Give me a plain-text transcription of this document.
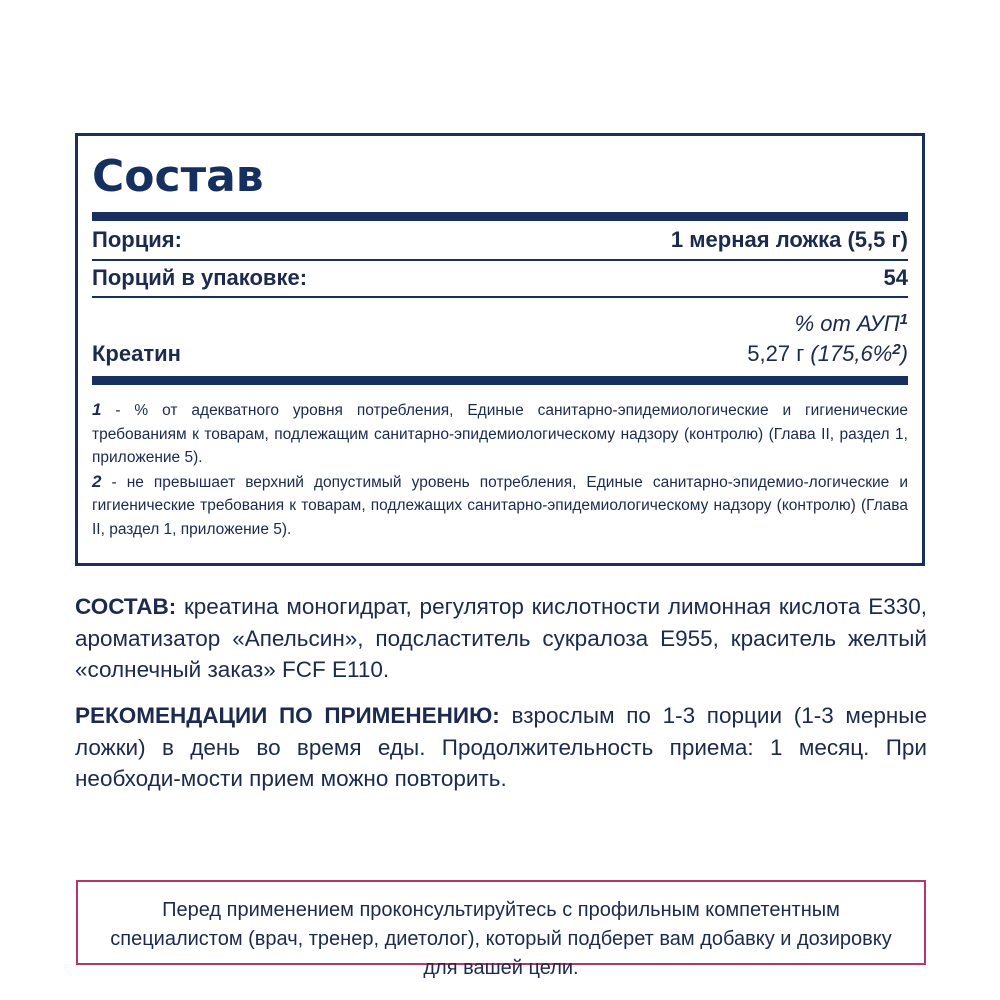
Состав
Порция:	1 мерная ложка (5,5 г)
Порций в упаковке:	54
% от АУП$^1$
Креатин	5,27 г (175,6%$^2$)

1 - % от адекватного уровня потребления, Единые санитарно-эпидемиологические и гигиенические требованиям к товарам, подлежащим санитарно-эпидемиологическому надзору (контролю) (Глава II, раздел 1, приложение 5).

2 - не превышает верхний допустимый уровень потребления, Единые санитарно-эпидемио-логические и гигиенические требования к товарам, подлежащих санитарно-эпидемиологическому надзору (контролю) (Глава II, раздел 1, приложение 5).

СОСТАВ: креатина моногидрат, регулятор кислотности лимонная кислота E330, ароматизатор «Апельсин», подсластитель сукралоза E955, краситель желтый «солнечный заказ» FCF E110.
РЕКОМЕНДАЦИИ ПО ПРИМЕНЕНИЮ: взрослым по 1-3 порции (1-3 мерные ложки) в день во время еды. Продолжительность приема: 1 месяц. При необходи-мости прием можно повторить.
Перед применением проконсультируйтесь с профильным компетентным специалистом (врач, тренер, диетолог), который подберет вам добавку и дозировку для вашей цели.
